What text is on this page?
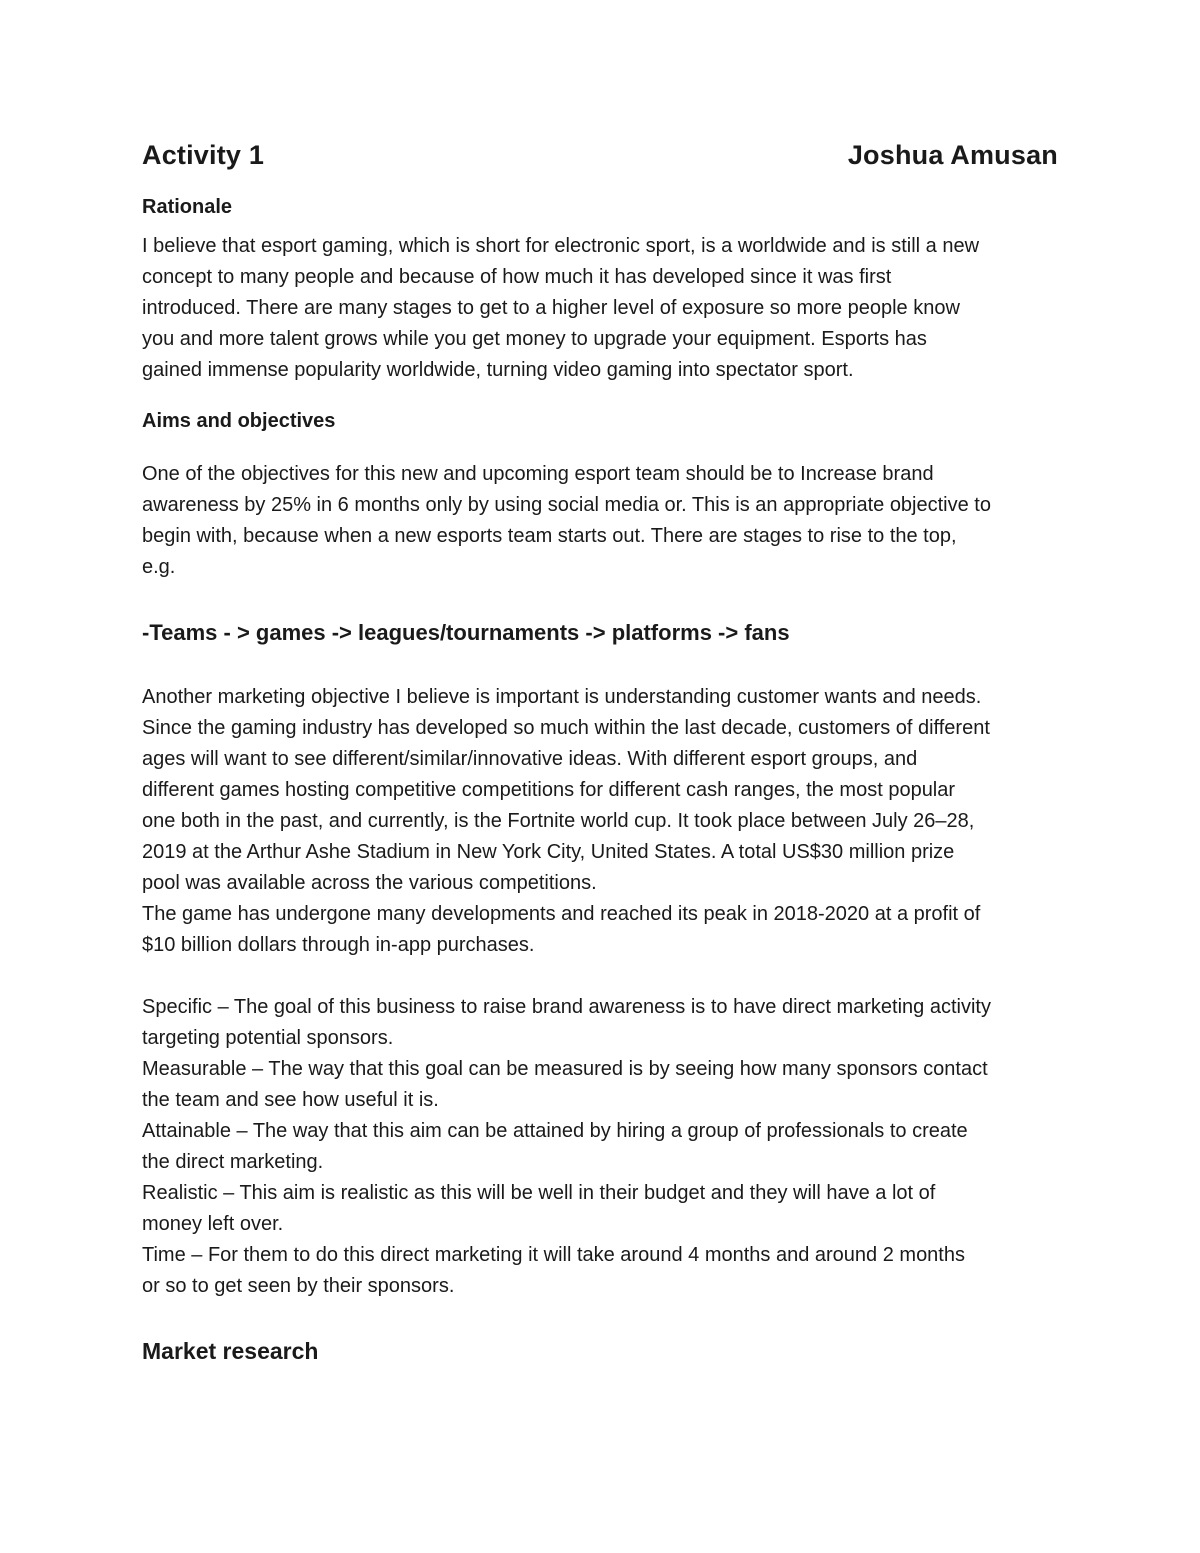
Activity 1	Joshua Amusan
Rationale
I believe that esport gaming, which is short for electronic sport, is a worldwide and is still a new
concept to many people and because of how much it has developed since it was first
introduced. There are many stages to get to a higher level of exposure so more people know
you and more talent grows while you get money to upgrade your equipment. Esports has
gained immense popularity worldwide, turning video gaming into spectator sport.
Aims and objectives
One of the objectives for this new and upcoming esport team should be to Increase brand
awareness by 25% in 6 months only by using social media or. This is an appropriate objective to
begin with, because when a new esports team starts out. There are stages to rise to the top,
e.g.
-Teams - > games -> leagues/tournaments -> platforms -> fans
Another marketing objective I believe is important is understanding customer wants and needs.
Since the gaming industry has developed so much within the last decade, customers of different
ages will want to see different/similar/innovative ideas. With different esport groups, and
different games hosting competitive competitions for different cash ranges, the most popular
one both in the past, and currently, is the Fortnite world cup. It took place between July 26–28,
2019 at the Arthur Ashe Stadium in New York City, United States. A total US$30 million prize
pool was available across the various competitions.
The game has undergone many developments and reached its peak in 2018-2020 at a profit of
$10 billion dollars through in-app purchases.
Specific – The goal of this business to raise brand awareness is to have direct marketing activity
targeting potential sponsors.
Measurable – The way that this goal can be measured is by seeing how many sponsors contact
the team and see how useful it is.
Attainable – The way that this aim can be attained by hiring a group of professionals to create
the direct marketing.
Realistic – This aim is realistic as this will be well in their budget and they will have a lot of
money left over.
Time – For them to do this direct marketing it will take around 4 months and around 2 months
or so to get seen by their sponsors.
Market research
